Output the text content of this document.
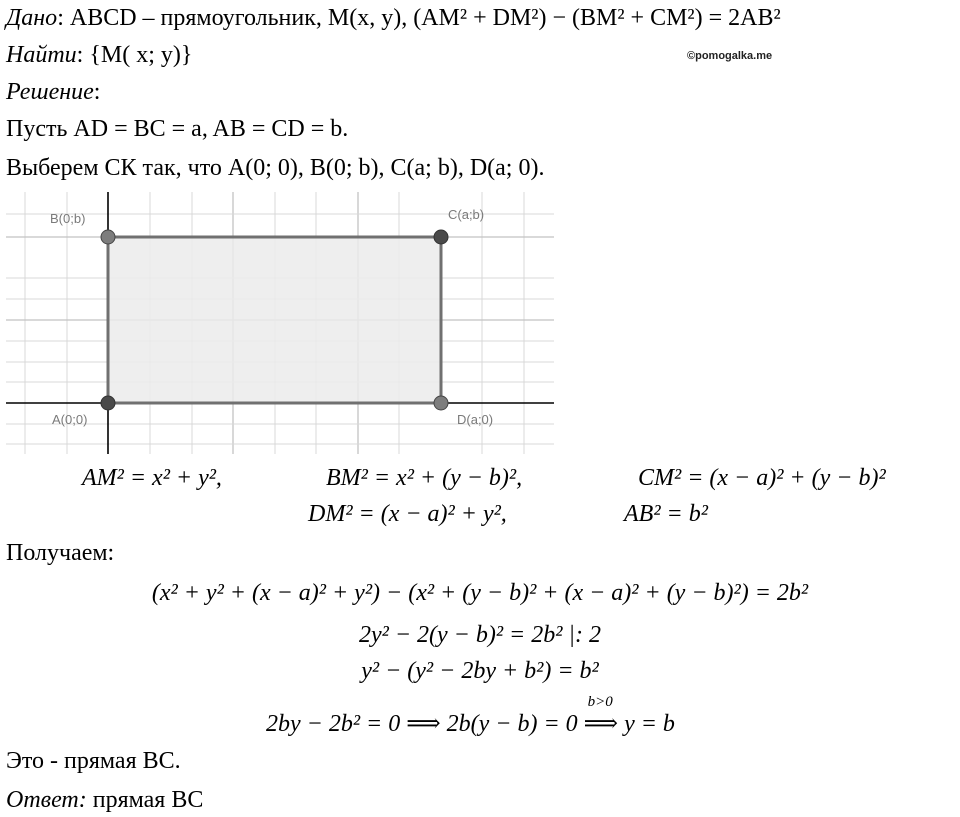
Дано: ABCD – прямоугольник, M(x, y), (AM² + DM²) − (BM² + CM²) = 2AB²
Найти: {M( x; y)}	©pomogalka.me
Решение:
Пусть AD = BC = a, AB = CD = b.
Выберем СК так, что A(0; 0), B(0; b), C(a; b), D(a; 0).
B(0;b)	C(a;b)
A(0;0)	D(a;0)
AM² = x² + y²,	BM² = x² + (y − b)²,	CM² = (x − a)² + (y − b)²
DM² = (x − a)² + y²,	AB² = b²
Получаем:
(x² + y² + (x − a)² + y²) − (x² + (y − b)² + (x − a)² + (y − b)²) = 2b²
2y² − 2(y − b)² = 2b² |: 2
y² − (y² − 2by + b²) = b²
2by − 2b² = 0 ⟹ 2b(y − b) = 0
b>0
⟹ y = b
Это - прямая BC.
Ответ: прямая BC
